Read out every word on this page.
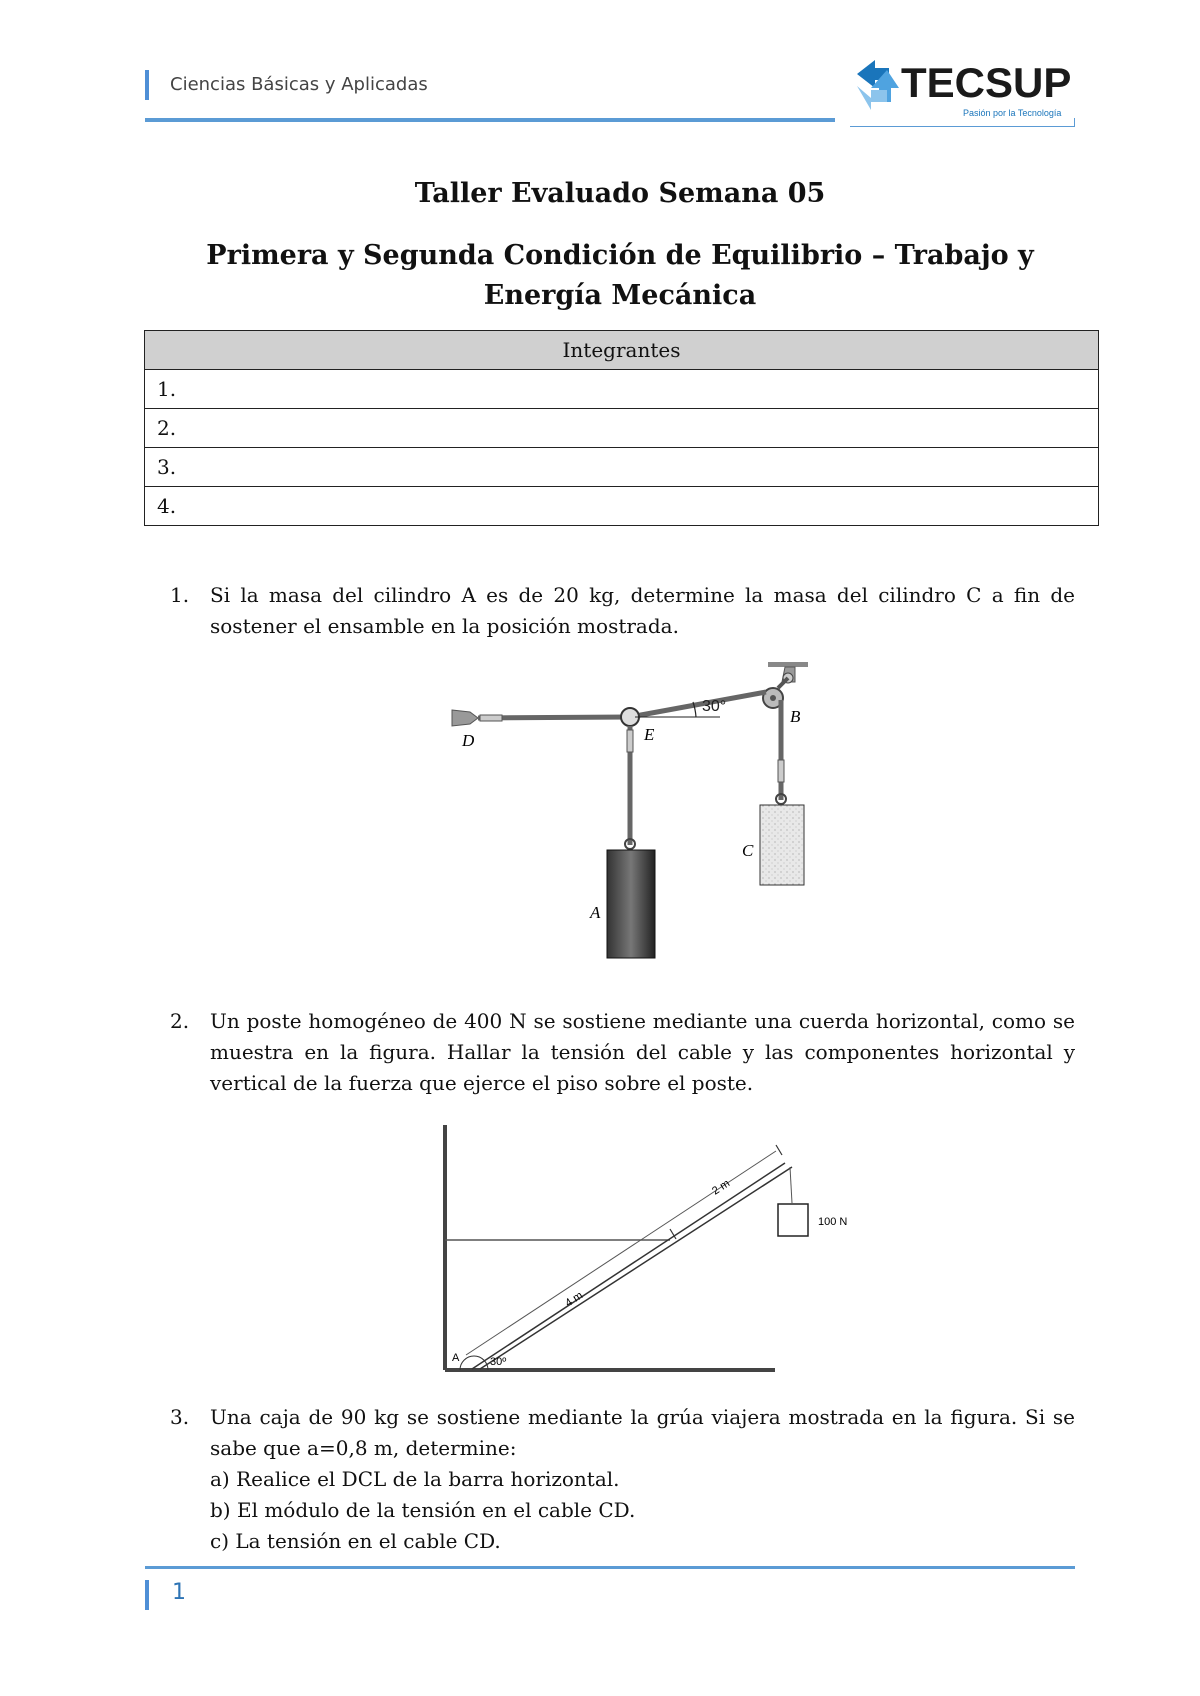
Ciencias Básicas y Aplicadas	TECSUP
Pasión por la Tecnología
Taller Evaluado Semana 05
Primera y Segunda Condición de Equilibrio – Trabajo y
Energía Mecánica
Integrantes
1.
2.
3.
4.
1. Si la masa del cilindro A es de 20 kg, determine la masa del cilindro C a fin de sostener el ensamble en la posición mostrada.
30°
D	E
B
C
A
2. Un poste homogéneo de 400 N se sostiene mediante una cuerda horizontal, como se muestra en la figura. Hallar la tensión del cable y las componentes horizontal y vertical de la fuerza que ejerce el piso sobre el poste.
100 N
2 m
4 m
30º
A
3. Una caja de 90 kg se sostiene mediante la grúa viajera mostrada en la figura. Si se sabe que a=0,8 m, determine:
a) Realice el DCL de la barra horizontal.
b) El módulo de la tensión en el cable CD.
c) La tensión en el cable CD.
1
